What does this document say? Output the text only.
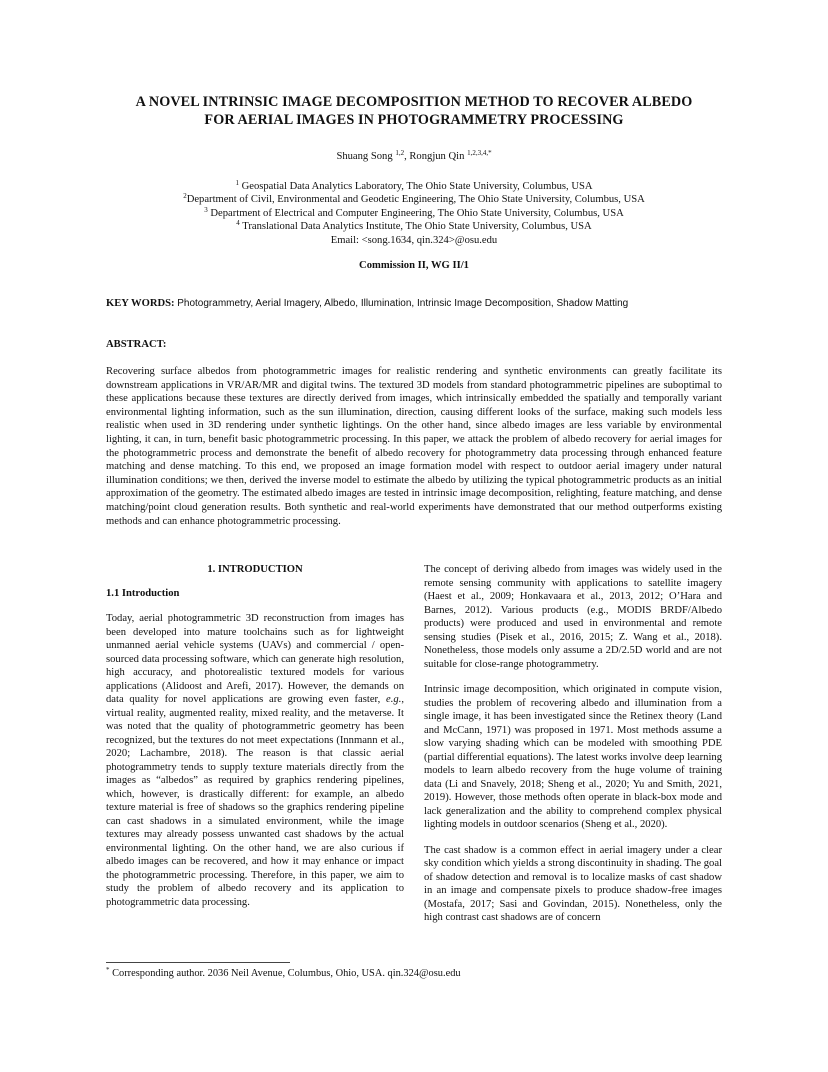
A NOVEL INTRINSIC IMAGE DECOMPOSITION METHOD TO RECOVER ALBEDO
FOR AERIAL IMAGES IN PHOTOGRAMMETRY PROCESSING
Shuang Song $^{1,2}$, Rongjun Qin $^{1,2,3,4,*}$
$^1$ Geospatial Data Analytics Laboratory, The Ohio State University, Columbus, USA
$^2$Department of Civil, Environmental and Geodetic Engineering, The Ohio State University, Columbus, USA
$^3$ Department of Electrical and Computer Engineering, The Ohio State University, Columbus, USA
$^4$ Translational Data Analytics Institute, The Ohio State University, Columbus, USA
Email: <song.1634, qin.324>@osu.edu
Commission II, WG II/1
KEY WORDS: Photogrammetry, Aerial Imagery, Albedo, Illumination, Intrinsic Image Decomposition, Shadow Matting
ABSTRACT:
Recovering surface albedos from photogrammetric images for realistic rendering and synthetic environments can greatly facilitate its downstream applications in VR/AR/MR and digital twins. The textured 3D models from standard photogrammetric pipelines are suboptimal to these applications because these textures are directly derived from images, which intrinsically embedded the spatially and temporally variant environmental lighting information, such as the sun illumination, direction, causing different looks of the surface, making such models less realistic when used in 3D rendering under synthetic lightings. On the other hand, since albedo images are less variable by environmental lighting, it can, in turn, benefit basic photogrammetric processing. In this paper, we attack the problem of albedo recovery for aerial images for the photogrammetric process and demonstrate the benefit of albedo recovery for photogrammetry data processing through enhanced feature matching and dense matching. To this end, we proposed an image formation model with respect to outdoor aerial imagery under natural illumination conditions; we then, derived the inverse model to estimate the albedo by utilizing the typical photogrammetric products as an initial approximation of the geometry. The estimated albedo images are tested in intrinsic image decomposition, relighting, feature matching, and dense matching/point cloud generation results. Both synthetic and real-world experiments have demonstrated that our method outperforms existing methods and can enhance photogrammetric processing.
1. INTRODUCTION
1.1 Introduction

Today, aerial photogrammetric 3D reconstruction from images has been developed into mature toolchains such as for lightweight unmanned aerial vehicle systems (UAVs) and commercial / open-sourced data processing software, which can generate high resolution, high accuracy, and photorealistic textured models for various applications (Alidoost and Arefi, 2017). However, the demands on data quality for novel applications are growing even faster, e.g., virtual reality, augmented reality, mixed reality, and the metaverse. It was noted that the quality of photogrammetric geometry has been recognized, but the textures do not meet expectations (Innmann et al., 2020; Lachambre, 2018). The reason is that classic aerial photogrammetry tends to supply texture materials directly from the images as “albedos” as required by graphics rendering pipelines, which, however, is drastically different: for example, an albedo texture material is free of shadows so the graphics rendering pipeline can cast shadows in a simulated environment, while the image textures may already possess unwanted cast shadows by the actual environmental lighting. On the other hand, we are also curious if albedo images can be recovered, and how it may enhance or impact the photogrammetric processing. Therefore, in this paper, we aim to study the problem of albedo recovery and its application to photogrammetric data processing.

The concept of deriving albedo from images was widely used in the remote sensing community with applications to satellite imagery (Haest et al., 2009; Honkavaara et al., 2013, 2012; O’Hara and Barnes, 2012). Various products (e.g., MODIS BRDF/Albedo products) were produced and used in environmental and remote sensing studies (Pisek et al., 2016, 2015; Z. Wang et al., 2018). Nonetheless, those models only assume a 2D/2.5D world and are not suitable for close-range photogrammetry.

Intrinsic image decomposition, which originated in compute vision, studies the problem of recovering albedo and illumination from a single image, it has been investigated since the Retinex theory (Land and McCann, 1971) was proposed in 1971. Most methods assume a slow varying shading which can be modeled with smoothing PDE (partial differential equations). The latest works involve deep learning models to learn albedo recovery from the huge volume of training data (Li and Snavely, 2018; Sheng et al., 2020; Yu and Smith, 2021, 2019). However, those methods often operate in black-box mode and lack generalization and the ability to comprehend complex physical lighting models in outdoor scenarios (Sheng et al., 2020).

The cast shadow is a common effect in aerial imagery under a clear sky condition which yields a strong discontinuity in shading. The goal of shadow detection and removal is to localize masks of cast shadow in an image and compensate pixels to produce shadow-free images (Mostafa, 2017; Sasi and Govindan, 2015). Nonetheless, only the high contrast cast shadows are of concern

* Corresponding author. 2036 Neil Avenue, Columbus, Ohio, USA. qin.324@osu.edu
